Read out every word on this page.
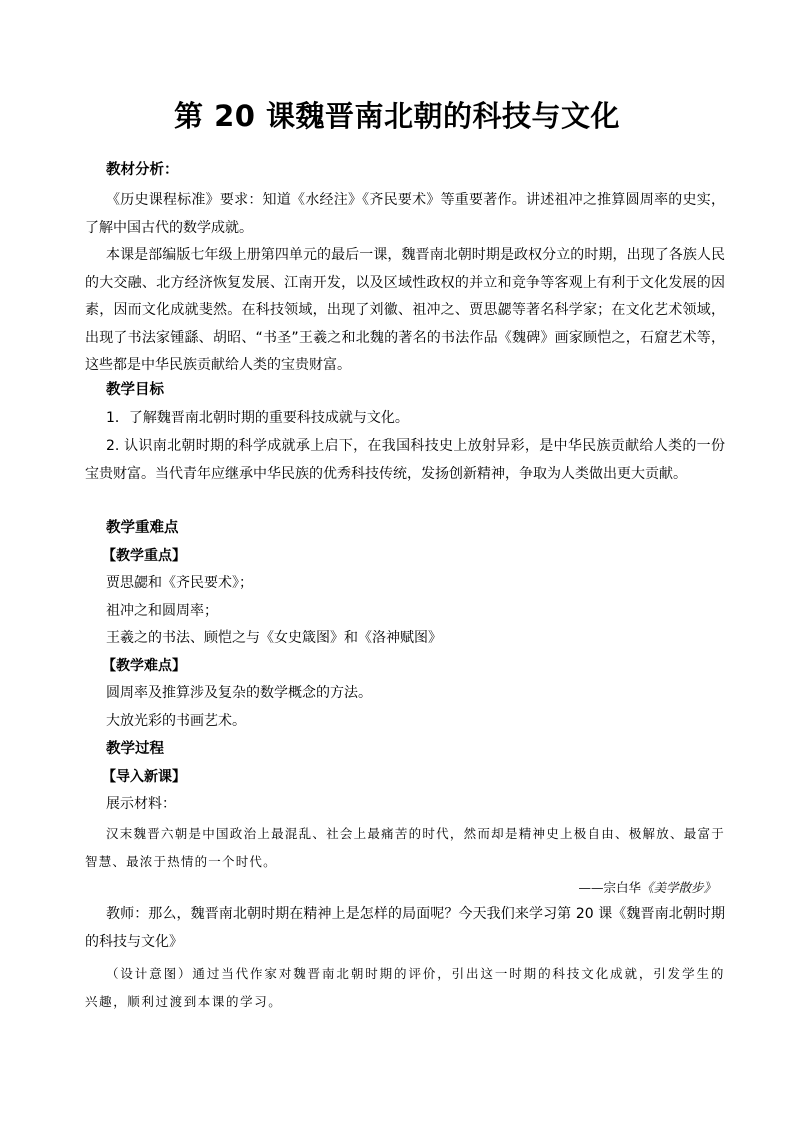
第 20 课魏晋南北朝的科技与文化
教材分析：

《历史课程标准》要求：知道《水经注》《齐民要术》等重要著作。讲述祖冲之推算圆周率的史实，了解中国古代的数学成就。

本课是部编版七年级上册第四单元的最后一课，魏晋南北朝时期是政权分立的时期，出现了各族人民的大交融、北方经济恢复发展、江南开发，以及区域性政权的并立和竞争等客观上有利于文化发展的因素，因而文化成就斐然。在科技领域，出现了刘徽、祖冲之、贾思勰等著名科学家；在文化艺术领域，出现了书法家锺繇、胡昭、“书圣”王羲之和北魏的著名的书法作品《魏碑》画家顾恺之，石窟艺术等，这些都是中华民族贡献给人类的宝贵财富。

教学目标

1．了解魏晋南北朝时期的重要科技成就与文化。

2. 认识南北朝时期的科学成就承上启下，在我国科技史上放射异彩，是中华民族贡献给人类的一份宝贵财富。当代青年应继承中华民族的优秀科技传统，发扬创新精神，争取为人类做出更大贡献。

教学重难点
【教学重点】

贾思勰和《齐民要术》；

祖冲之和圆周率；

王羲之的书法、顾恺之与《女史箴图》和《洛神赋图》

【教学难点】

圆周率及推算涉及复杂的数学概念的方法。

大放光彩的书画艺术。

教学过程
【导入新课】

展示材料：

汉末魏晋六朝是中国政治上最混乱、社会上最痛苦的时代，然而却是精神史上极自由、极解放、最富于智慧、最浓于热情的一个时代。

——宗白华《美学散步》

教师：那么，魏晋南北朝时期在精神上是怎样的局面呢？今天我们来学习第 20 课《魏晋南北朝时期的科技与文化》

（设计意图）通过当代作家对魏晋南北朝时期的评价，引出这一时期的科技文化成就，引发学生的兴趣，顺利过渡到本课的学习。
